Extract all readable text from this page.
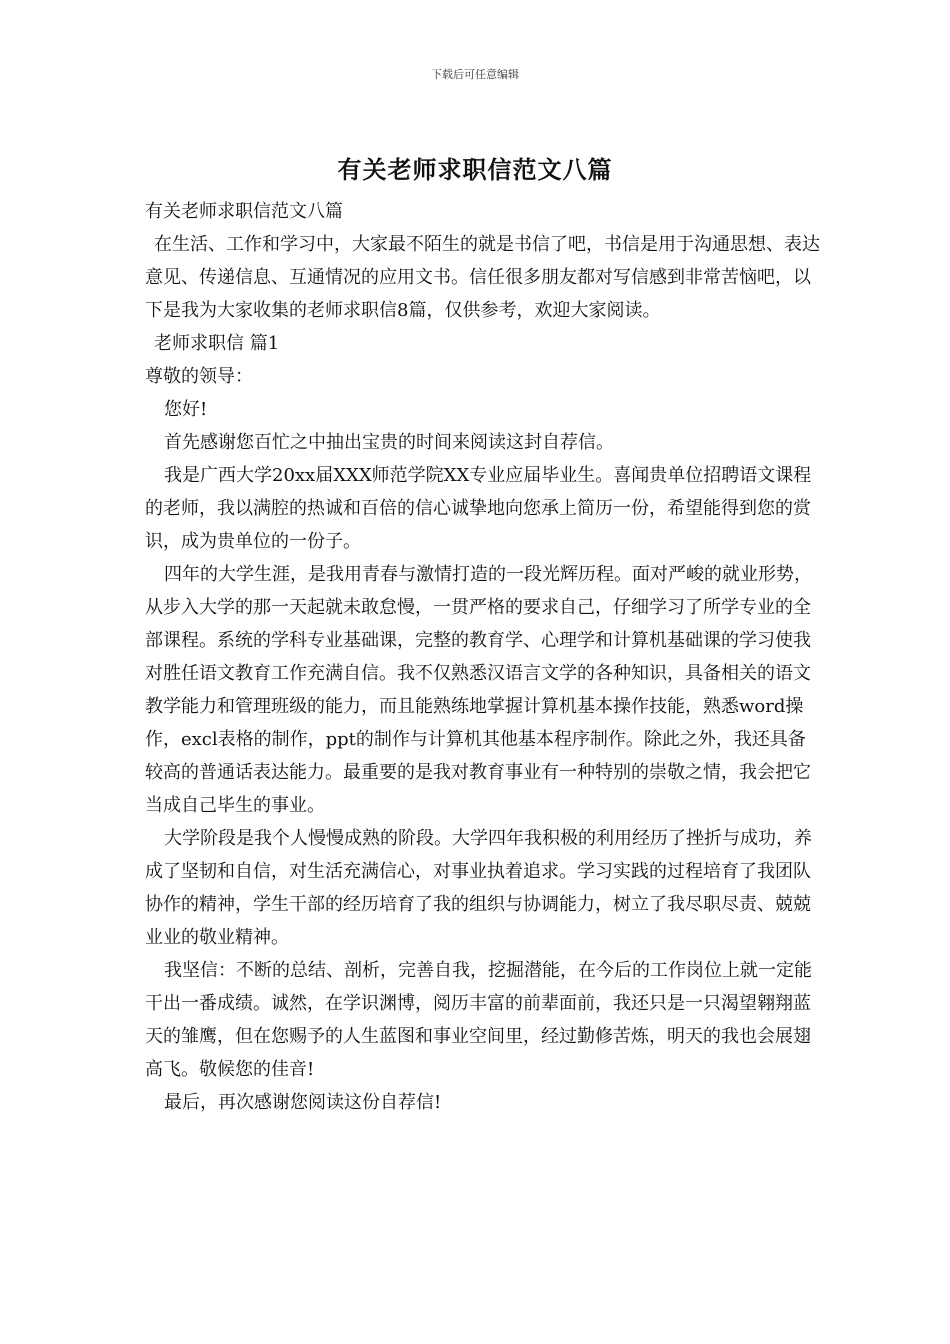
下载后可任意编辑
有关老师求职信范文八篇

有关老师求职信范文八篇

在生活、工作和学习中，大家最不陌生的就是书信了吧，书信是用于沟通思想、表达意见、传递信息、互通情况的应用文书。信任很多朋友都对写信感到非常苦恼吧，以下是我为大家收集的老师求职信8篇，仅供参考，欢迎大家阅读。

老师求职信 篇1

尊敬的领导：

您好!

首先感谢您百忙之中抽出宝贵的时间来阅读这封自荐信。

我是广西大学20xx届XXX师范学院XX专业应届毕业生。喜闻贵单位招聘语文课程的老师，我以满腔的热诚和百倍的信心诚挚地向您承上简历一份，希望能得到您的赏识，成为贵单位的一份子。

四年的大学生涯，是我用青春与激情打造的一段光辉历程。面对严峻的就业形势，从步入大学的那一天起就未敢怠慢，一贯严格的要求自己，仔细学习了所学专业的全部课程。系统的学科专业基础课，完整的教育学、心理学和计算机基础课的学习使我对胜任语文教育工作充满自信。我不仅熟悉汉语言文学的各种知识，具备相关的语文教学能力和管理班级的能力，而且能熟练地掌握计算机基本操作技能，熟悉word操作，excl表格的制作，ppt的制作与计算机其他基本程序制作。除此之外，我还具备较高的普通话表达能力。最重要的是我对教育事业有一种特别的崇敬之情，我会把它当成自己毕生的事业。

大学阶段是我个人慢慢成熟的阶段。大学四年我积极的利用经历了挫折与成功，养成了坚韧和自信，对生活充满信心，对事业执着追求。学习实践的过程培育了我团队协作的精神，学生干部的经历培育了我的组织与协调能力，树立了我尽职尽责、兢兢业业的敬业精神。

我坚信：不断的总结、剖析，完善自我，挖掘潜能，在今后的工作岗位上就一定能干出一番成绩。诚然，在学识渊博，阅历丰富的前辈面前，我还只是一只渴望翱翔蓝天的雏鹰，但在您赐予的人生蓝图和事业空间里，经过勤修苦炼，明天的我也会展翅高飞。敬候您的佳音!

最后，再次感谢您阅读这份自荐信!
